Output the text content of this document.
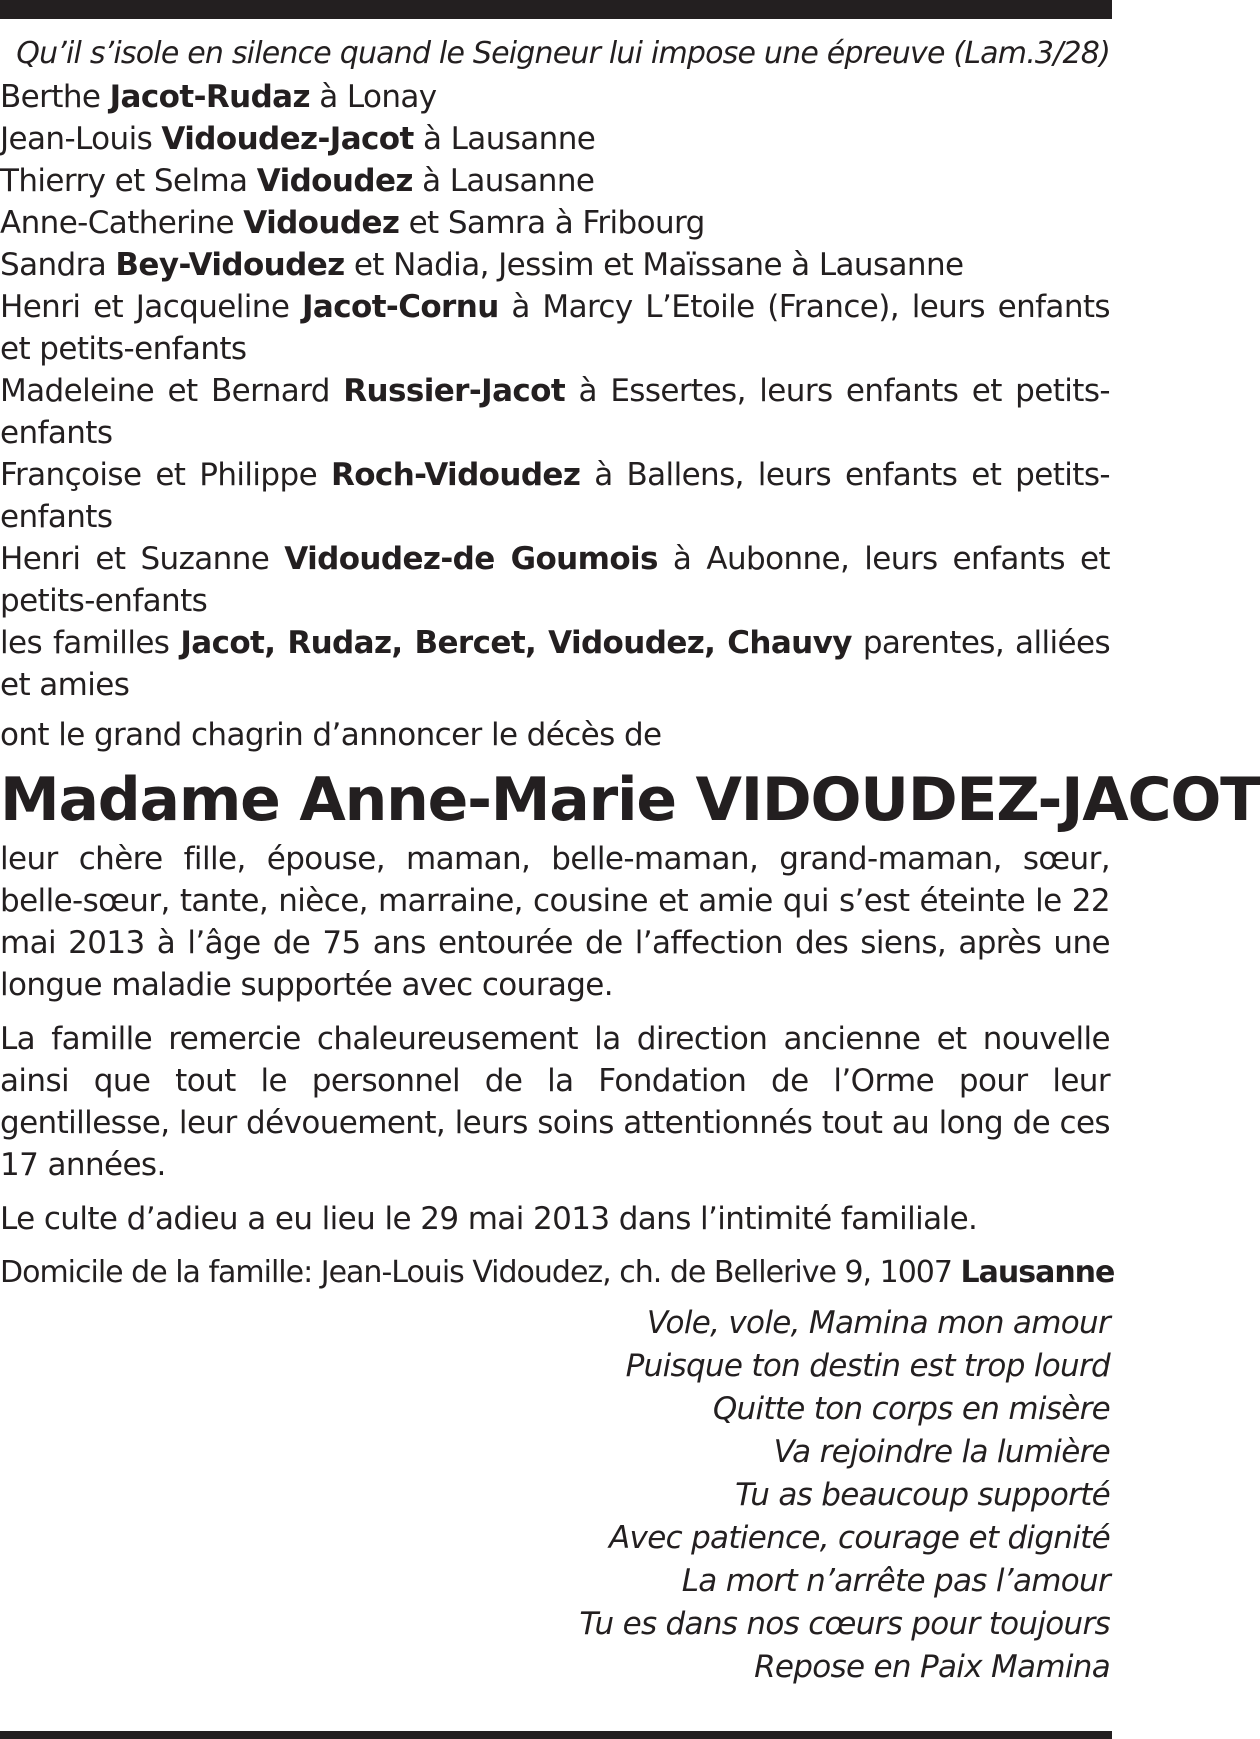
Qu’il s’isole en silence quand le Seigneur lui impose une épreuve (Lam.3/28)
Berthe Jacot-Rudaz à Lonay
Jean-Louis Vidoudez-Jacot à Lausanne
Thierry et Selma Vidoudez à Lausanne
Anne-Catherine Vidoudez et Samra à Fribourg
Sandra Bey-Vidoudez et Nadia, Jessim et Maïssane à Lausanne
Henri et Jacqueline Jacot-Cornu à Marcy L’Etoile (France), leurs enfants et petits-enfants
Madeleine et Bernard Russier-Jacot à Essertes, leurs enfants et petits-enfants
Françoise et Philippe Roch-Vidoudez à Ballens, leurs enfants et petits-enfants
Henri et Suzanne Vidoudez-de Goumois à Aubonne, leurs enfants et petits-enfants
les familles Jacot, Rudaz, Bercet, Vidoudez, Chauvy parentes, alliées et amies
ont le grand chagrin d’annoncer le décès de
Madame Anne-Marie VIDOUDEZ-JACOT
leur chère fille, épouse, maman, belle-maman, grand-maman, sœur, belle-sœur, tante, nièce, marraine, cousine et amie qui s’est éteinte le 22 mai 2013 à l’âge de 75 ans entourée de l’affection des siens, après une longue maladie supportée avec courage.
La famille remercie chaleureusement la direction ancienne et nouvelle ainsi que tout le personnel de la Fondation de l’Orme pour leur gentillesse, leur dévouement, leurs soins attentionnés tout au long de ces 17 années.
Le culte d’adieu a eu lieu le 29 mai 2013 dans l’intimité familiale.
Domicile de la famille: Jean-Louis Vidoudez, ch. de Bellerive 9, 1007 Lausanne
Vole, vole, Mamina mon amour
Puisque ton destin est trop lourd
Quitte ton corps en misère
Va rejoindre la lumière
Tu as beaucoup supporté
Avec patience, courage et dignité
La mort n’arrête pas l’amour
Tu es dans nos cœurs pour toujours
Repose en Paix Mamina
